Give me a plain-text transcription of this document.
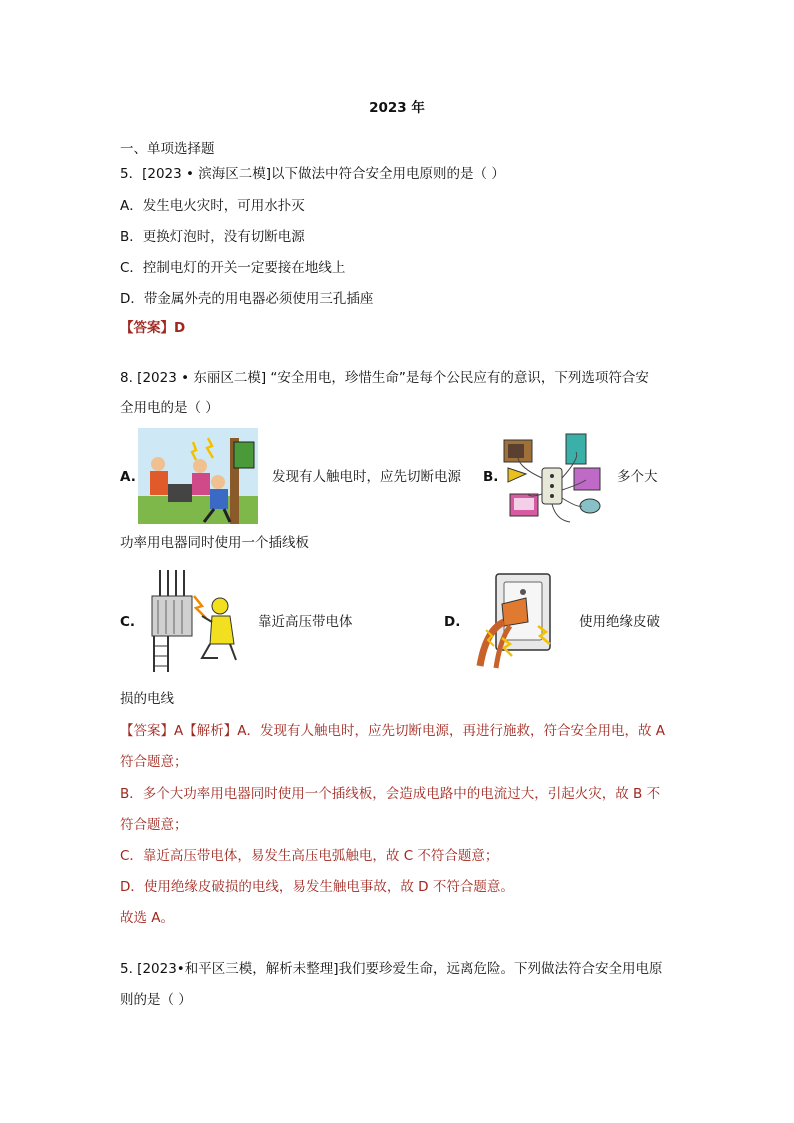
2023 年
一、单项选择题
5．[2023 • 滨海区二模]以下做法中符合安全用电原则的是（ ）
A．发生电火灾时，可用水扑灭
B．更换灯泡时，没有切断电源
C．控制电灯的开关一定要接在地线上
D．带金属外壳的用电器必须使用三孔插座
【答案】D
8. [2023 • 东丽区二模] “安全用电，珍惜生命”是每个公民应有的意识，下列选项符合安
全用电的是（ ）
A.	发现有人触电时，应先切断电源 B.	多个大
功率用电器同时使用一个插线板
C.	靠近高压带电体	D.	使用绝缘皮破
损的电线
【答案】A【解析】A．发现有人触电时，应先切断电源，再进行施救，符合安全用电，故 A
符合题意；
B．多个大功率用电器同时使用一个插线板，会造成电路中的电流过大，引起火灾，故 B 不
符合题意；
C．靠近高压带电体，易发生高压电弧触电，故 C 不符合题意；
D．使用绝缘皮破损的电线，易发生触电事故，故 D 不符合题意。
故选 A。
5. [2023•和平区三模，解析未整理]我们要珍爱生命，远离危险。下列做法符合安全用电原
则的是（ ）
